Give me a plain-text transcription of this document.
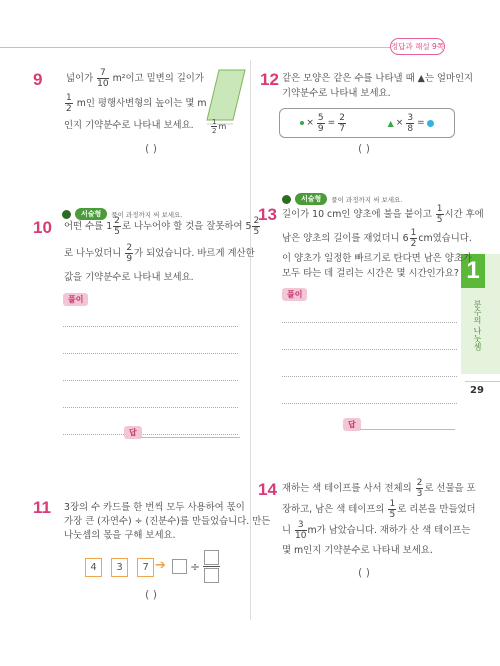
정답과 해설 9쪽
1
분수의 나눗셈
29
9	넓이가 $\frac{7}{10} m^2$이고 밑변의 길이가
$\frac{1}{2}$ m인 평행사변형의 높이는 몇 m
인지 기약분수로 나타내 보세요. $\frac{1}{2}$ m
( )
서술형	풀이 과정까지 써 보세요.
10 어떤 수를 $1 \frac{2}{5}$ 로 나누어야 할 것을 잘못하여 $5 \frac{2}{5}$
로 나누었더니 $\frac{2}{9}$ 가 되었습니다. 바르게 계산한
값을 기약분수로 나타내 보세요.
풀이
답
11 3장의 수 카드를 한 번씩 모두 사용하여 몫이
가장 큰 (자연수) ÷ (진분수)를 만들었습니다. 만든
나눗셈의 몫을 구해 보세요.
4 3 7 ➔ ÷
( )
12 같은 모양은 같은 수를 나타낼 때 ▲는 얼마인지
기약분수로 나타내 보세요.
× $\frac{5}{9} = \frac{2}{7}$	▲ × $\frac{3}{8}$ =
( )
서술형	풀이 과정까지 써 보세요.
13 길이가 10 cm인 양초에 불을 붙이고 $\frac{1}{5}$ 시간 후에
남은 양초의 길이를 재었더니 $6 \frac{1}{2}$ cm였습니다.
이 양초가 일정한 빠르기로 탄다면 남은 양초가
모두 타는 데 걸리는 시간은 몇 시간인가요?
풀이
답
14 재하는 색 테이프를 사서 전체의 $\frac{2}{3}$ 로 선물을 포
장하고, 남은 색 테이프의 $\frac{1}{5}$ 로 리본을 만들었더
니 $\frac{3}{10}$ m가 남았습니다. 재하가 산 색 테이프는
몇 m인지 기약분수로 나타내 보세요.
( )
